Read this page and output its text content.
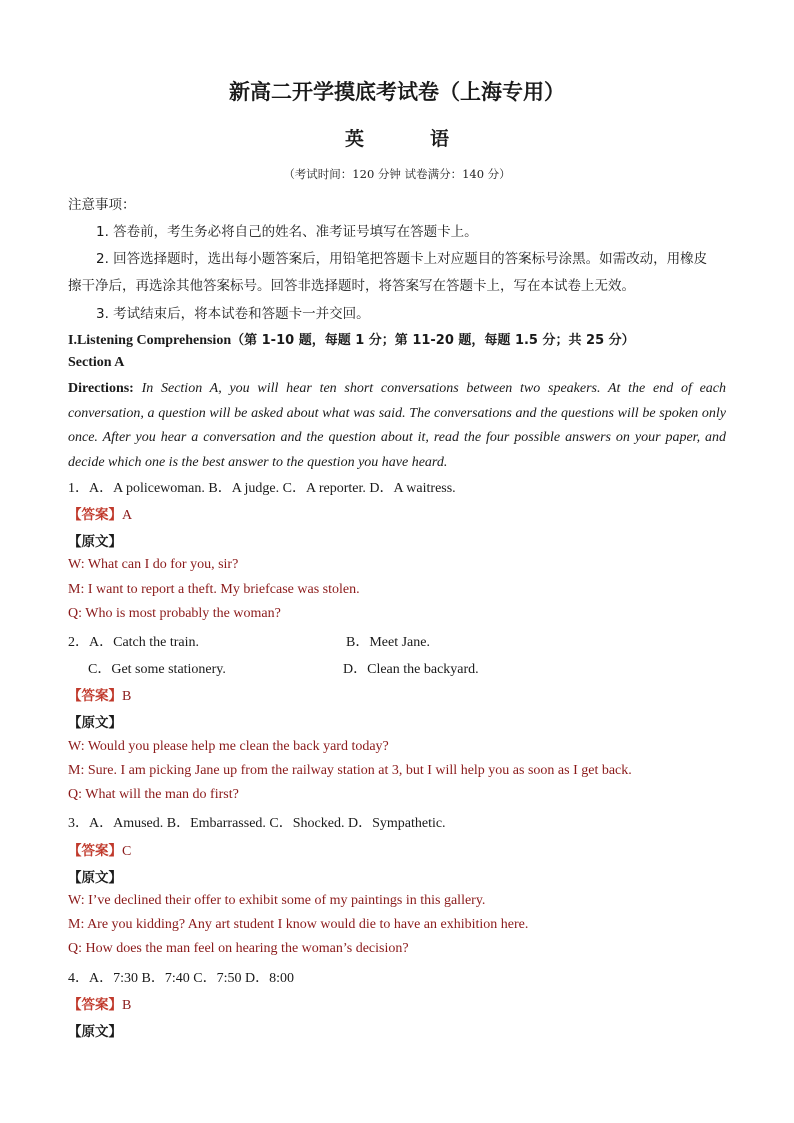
新高二开学摸底考试卷（上海专用）
英	语
（考试时间：120 分钟 试卷满分：140 分）
注意事项：
1. 答卷前，考生务必将自己的姓名、准考证号填写在答题卡上。
2. 回答选择题时，选出每小题答案后，用铅笔把答题卡上对应题目的答案标号涂黑。如需改动，用橡皮
擦干净后，再选涂其他答案标号。回答非选择题时，将答案写在答题卡上，写在本试卷上无效。
3. 考试结束后，将本试卷和答题卡一并交回。
I.Listening Comprehension（第 1-10 题，每题 1 分；第 11-20 题，每题 1.5 分；共 25 分）
Section A
Directions: In Section A, you will hear ten short conversations between two speakers. At the end of each conversation, a question will be asked about what was said. The conversations and the questions will be spoken only once. After you hear a conversation and the question about it, read the four possible answers on your paper, and decide which one is the best answer to the question you have heard.
1．A．A policewoman. B．A judge. C．A reporter. D．A waitress.
【答案】A
【原文】
W: What can I do for you, sir?
M: I want to report a theft. My briefcase was stolen.
Q: Who is most probably the woman?
2．A．Catch the train.	B．Meet Jane.
C．Get some stationery.	D．Clean the backyard.
【答案】B
【原文】
W: Would you please help me clean the back yard today?
M: Sure. I am picking Jane up from the railway station at 3, but I will help you as soon as I get back.
Q: What will the man do first?
3．A．Amused. B．Embarrassed. C．Shocked. D．Sympathetic.
【答案】C
【原文】
W: I’ve declined their offer to exhibit some of my paintings in this gallery.
M: Are you kidding? Any art student I know would die to have an exhibition here.
Q: How does the man feel on hearing the woman’s decision?
4．A．7:30 B．7:40 C．7:50 D．8:00
【答案】B
【原文】
